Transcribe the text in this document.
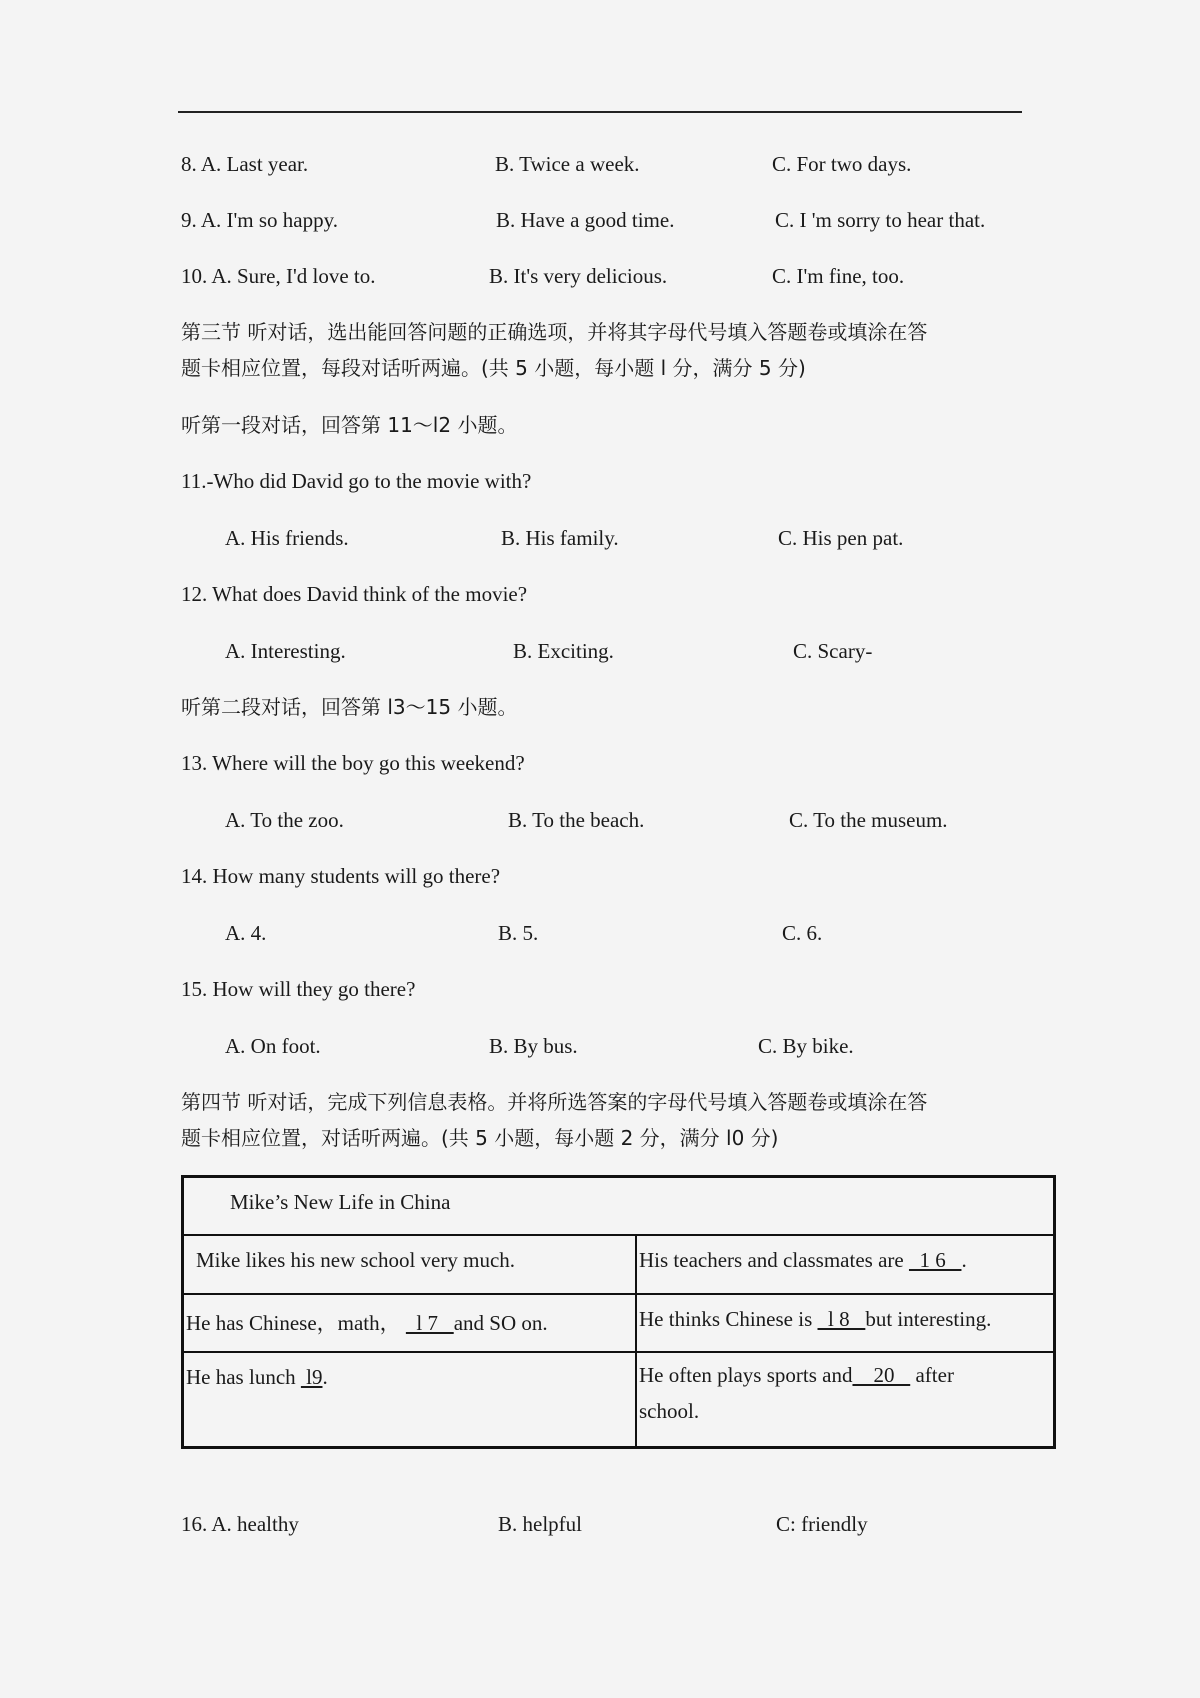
8. A. Last year.	B. Twice a week.	C. For two days.
9. A. I'm so happy.	B. Have a good time.	C. I 'm sorry to hear that.
10. A. Sure, I'd love to.	B. It's very delicious.	C. I'm fine, too.
第三节 听对话，选出能回答问题的正确选项，并将其字母代号填入答题卷或填涂在答
题卡相应位置，每段对话听两遍。(共 5 小题，每小题 l 分，满分 5 分)
听第一段对话，回答第 11～l2 小题。
11.-Who did David go to the movie with?
A. His friends.	B. His family.	C. His pen pat.
12. What does David think of the movie?
A. Interesting.	B. Exciting.	C. Scary-
听第二段对话，回答第 l3～15 小题。
13. Where will the boy go this weekend?
A. To the zoo.	B. To the beach.	C. To the museum.
14. How many students will go there?
A. 4.	B. 5.	C. 6.
15. How will they go there?
A. On foot.	B. By bus.	C. By bike.
第四节 听对话，完成下列信息表格。并将所选答案的字母代号填入答题卷或填涂在答
题卡相应位置，对话听两遍。(共 5 小题，每小题 2 分，满分 l0 分)
Mike’s New Life in China	
Mike likes his new school very much.	His teachers and classmates are   1 6   .
He has Chinese，math，   l 7   and SO on.	He thinks Chinese is   l 8   but interesting.
He has lunch  l9.	He often plays sports and    20    after
school.
16. A. healthy	B. helpful	C: friendly
